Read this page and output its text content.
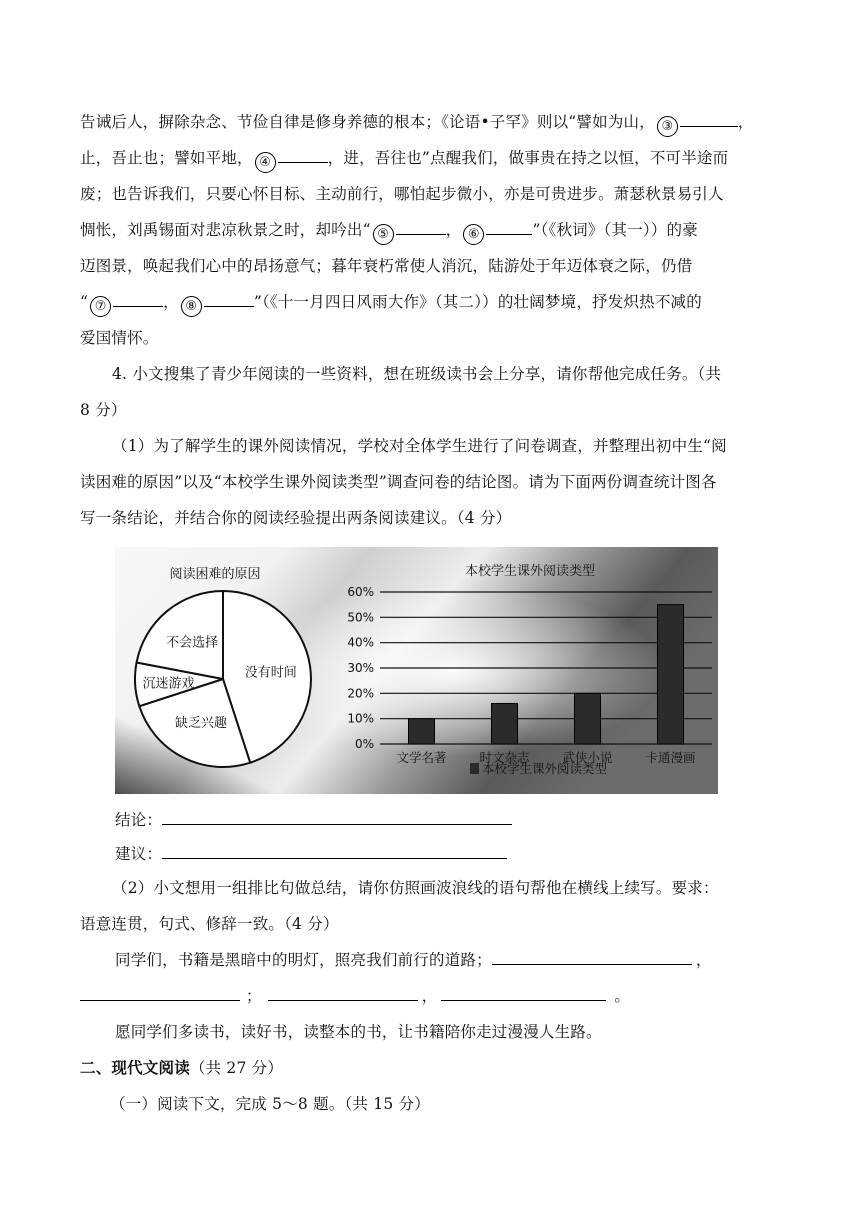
告诫后人，摒除杂念、节俭自律是修身养德的根本；《论语•子罕》则以“譬如为山， ③	，
止，吾止也；譬如平地， ④	，进，吾往也”点醒我们，做事贵在持之以恒，不可半途而
废；也告诉我们，只要心怀目标、主动前行，哪怕起步微小，亦是可贵进步。萧瑟秋景易引人
惆怅，刘禹锡面对悲凉秋景之时，却吟出“ ⑤	， ⑥	”（《秋词》（其一））的豪
迈图景，唤起我们心中的昂扬意气；暮年衰朽常使人消沉，陆游处于年迈体衰之际，仍借
“ ⑦	， ⑧	”（《十一月四日风雨大作》（其二））的壮阔梦境，抒发炽热不减的
爱国情怀。
4. 小文搜集了青少年阅读的一些资料，想在班级读书会上分享，请你帮他完成任务。（共
8 分）
（1）为了解学生的课外阅读情况，学校对全体学生进行了问卷调查，并整理出初中生“阅
读困难的原因”以及“本校学生课外阅读类型”调查问卷的结论图。请为下面两份调查统计图各
写一条结论，并结合你的阅读经验提出两条阅读建议。（4 分）
阅读困难的原因
没有时间
缺乏兴趣
沉迷游戏
不会选择
本校学生课外阅读类型
0%
10%
20%
30%
40%
50%
60%
文学名著	时文杂志	武侠小说	卡通漫画
本校学生课外阅读类型
结论：
建议：
（2）小文想用一组排比句做总结，请你仿照画波浪线的语句帮他在横线上续写。要求：
语意连贯，句式、修辞一致。（4 分）
同学们，书籍是黑暗中的明灯，照亮我们前行的道路；	，
；	，	。
愿同学们多读书，读好书，读整本的书，让书籍陪你走过漫漫人生路。
二、现代文阅读（共 27 分）
（一）阅读下文，完成 5～8 题。（共 15 分）
